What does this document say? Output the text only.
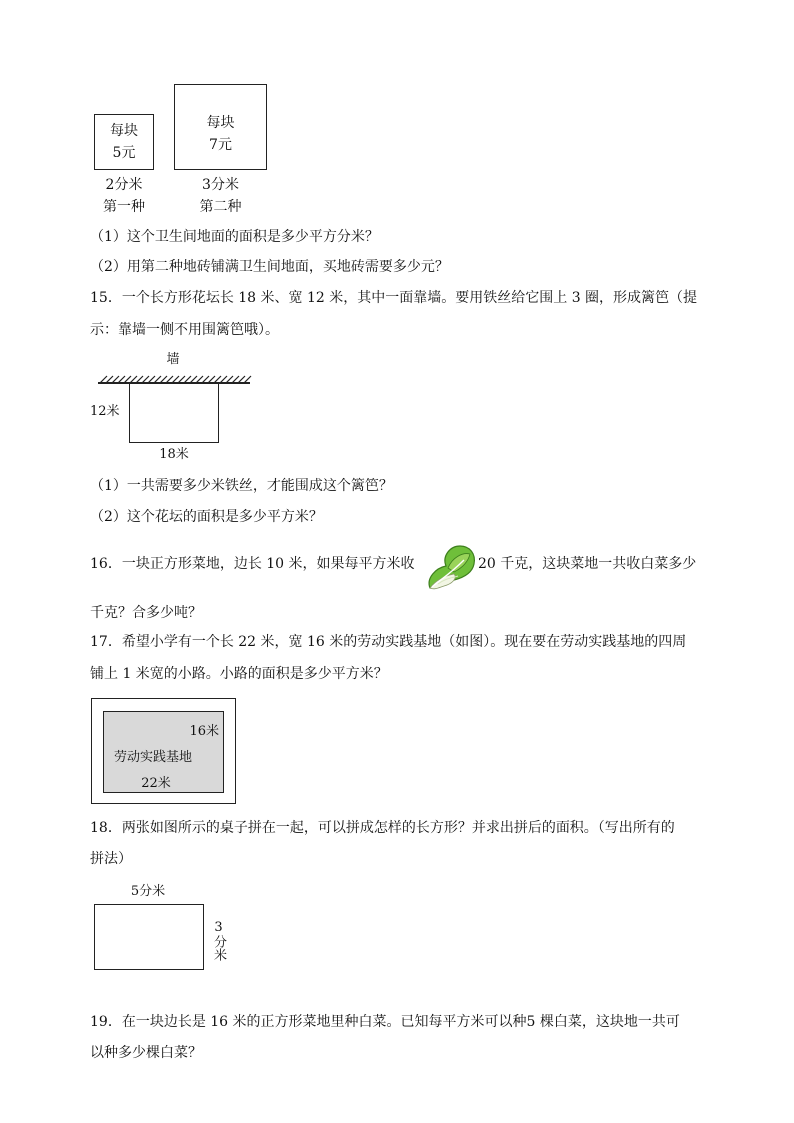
每块
5元
2分米
第一种
每块
7元
3分米
第二种
（1）这个卫生间地面的面积是多少平方分米？
（2）用第二种地砖铺满卫生间地面，买地砖需要多少元？
15．一个长方形花坛长 18 米、宽 12 米，其中一面靠墙。要用铁丝给它围上 3 圈，形成篱笆（提
示：靠墙一侧不用围篱笆哦）。
墙
12米
18米
（1）一共需要多少米铁丝，才能围成这个篱笆？
（2）这个花坛的面积是多少平方米？
16．一块正方形菜地，边长 10 米，如果每平方米收	20 千克，这块菜地一共收白菜多少
千克？合多少吨？
17．希望小学有一个长 22 米，宽 16 米的劳动实践基地（如图）。现在要在劳动实践基地的四周
铺上 1 米宽的小路。小路的面积是多少平方米？
16米
劳动实践基地
22米
18．两张如图所示的桌子拼在一起，可以拼成怎样的长方形？并求出拼后的面积。（写出所有的
拼法）
5分米
3分米
19．在一块边长是 16 米的正方形菜地里种白菜。已知每平方米可以种5 棵白菜，这块地一共可
以种多少棵白菜？
